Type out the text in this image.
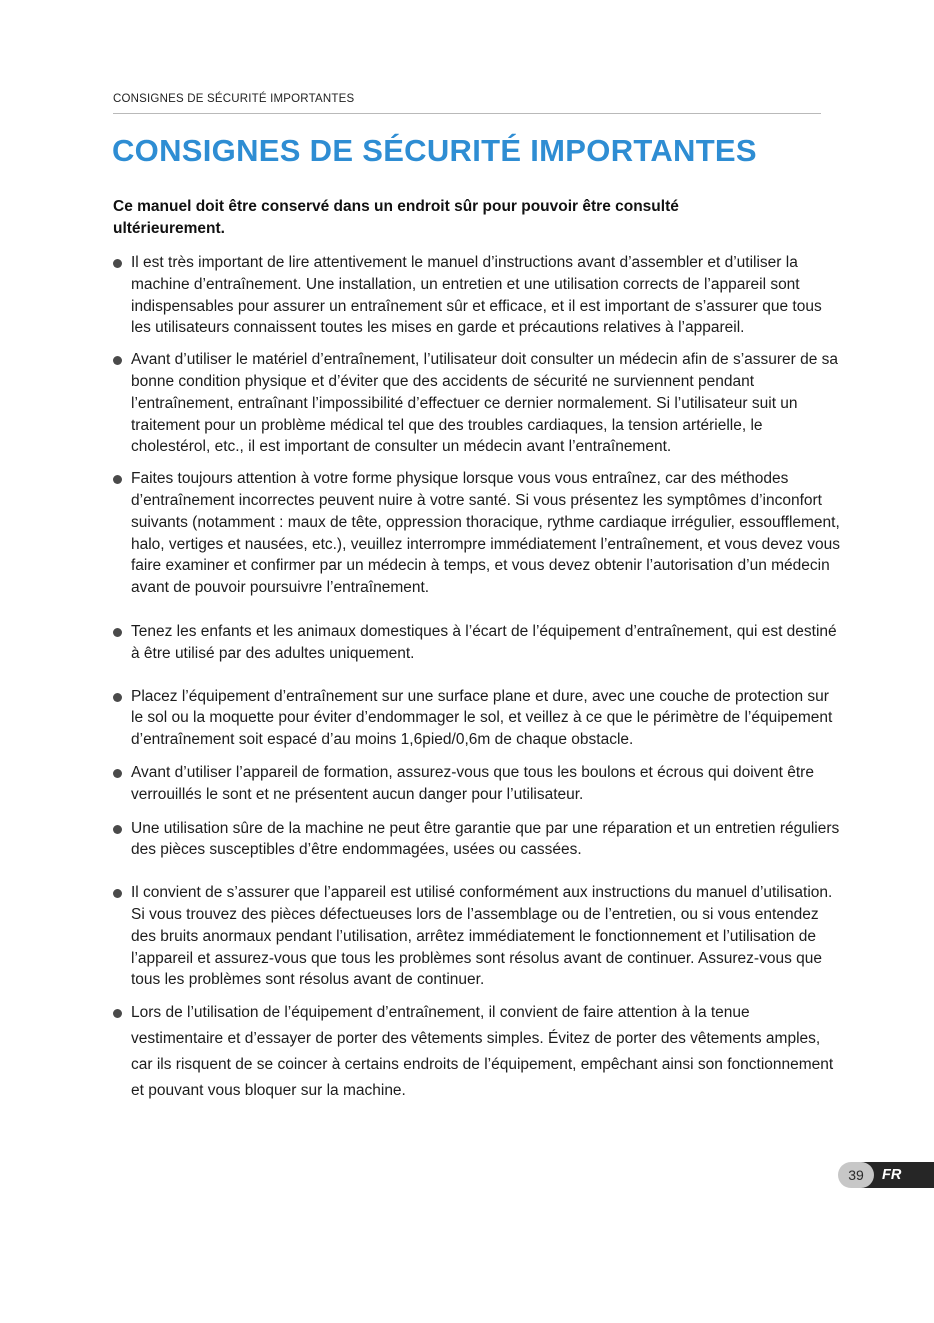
CONSIGNES DE SÉCURITÉ IMPORTANTES
CONSIGNES DE SÉCURITÉ IMPORTANTES

Ce manuel doit être conservé dans un endroit sûr pour pouvoir être consulté ultérieurement.

Il est très important de lire attentivement le manuel d’instructions avant d’assembler et d’utiliser la machine d’entraînement. Une installation, un entretien et une utilisation corrects de l’appareil sont indispensables pour assurer un entraînement sûr et efficace, et il est important de s’assurer que tous les utilisateurs connaissent toutes les mises en garde et précautions relatives à l’appareil.
Avant d’utiliser le matériel d’entraînement, l’utilisateur doit consulter un médecin afin de s’assurer de sa bonne condition physique et d’éviter que des accidents de sécurité ne surviennent pendant l’entraînement, entraînant l’impossibilité d’effectuer ce dernier normalement. Si l’utilisateur suit un traitement pour un problème médical tel que des troubles cardiaques, la tension artérielle, le cholestérol, etc., il est important de consulter un médecin avant l’entraînement.
Faites toujours attention à votre forme physique lorsque vous vous entraînez, car des méthodes d’entraînement incorrectes peuvent nuire à votre santé. Si vous présentez les symptômes d’inconfort suivants (notamment : maux de tête, oppression thoracique, rythme cardiaque irrégulier, essoufflement, halo, vertiges et nausées, etc.), veuillez interrompre immédiatement l’entraînement, et vous devez vous faire examiner et confirmer par un médecin à temps, et vous devez obtenir l’autorisation d’un médecin avant de pouvoir poursuivre l’entraînement.
Tenez les enfants et les animaux domestiques à l’écart de l’équipement d’entraînement, qui est destiné à être utilisé par des adultes uniquement.
Placez l’équipement d’entraînement sur une surface plane et dure, avec une couche de protection sur le sol ou la moquette pour éviter d’endommager le sol, et veillez à ce que le périmètre de l’équipement d’entraînement soit espacé d’au moins 1,6pied/0,6m de chaque obstacle.
Avant d’utiliser l’appareil de formation, assurez-vous que tous les boulons et écrous qui doivent être verrouillés le sont et ne présentent aucun danger pour l’utilisateur.
Une utilisation sûre de la machine ne peut être garantie que par une réparation et un entretien réguliers des pièces susceptibles d’être endommagées, usées ou cassées.
Il convient de s’assurer que l’appareil est utilisé conformément aux instructions du manuel d’utilisation. Si vous trouvez des pièces défectueuses lors de l’assemblage ou de l’entretien, ou si vous entendez des bruits anormaux pendant l’utilisation, arrêtez immédiatement le fonctionnement et l’utilisation de l’appareil et assurez-vous que tous les problèmes sont résolus avant de continuer. Assurez-vous que tous les problèmes sont résolus avant de continuer.
Lors de l’utilisation de l’équipement d’entraînement, il convient de faire attention à la tenue vestimentaire et d’essayer de porter des vêtements simples. Évitez de porter des vêtements amples, car ils risquent de se coincer à certains endroits de l’équipement, empêchant ainsi son fonctionnement et pouvant vous bloquer sur la machine.
39	FR
